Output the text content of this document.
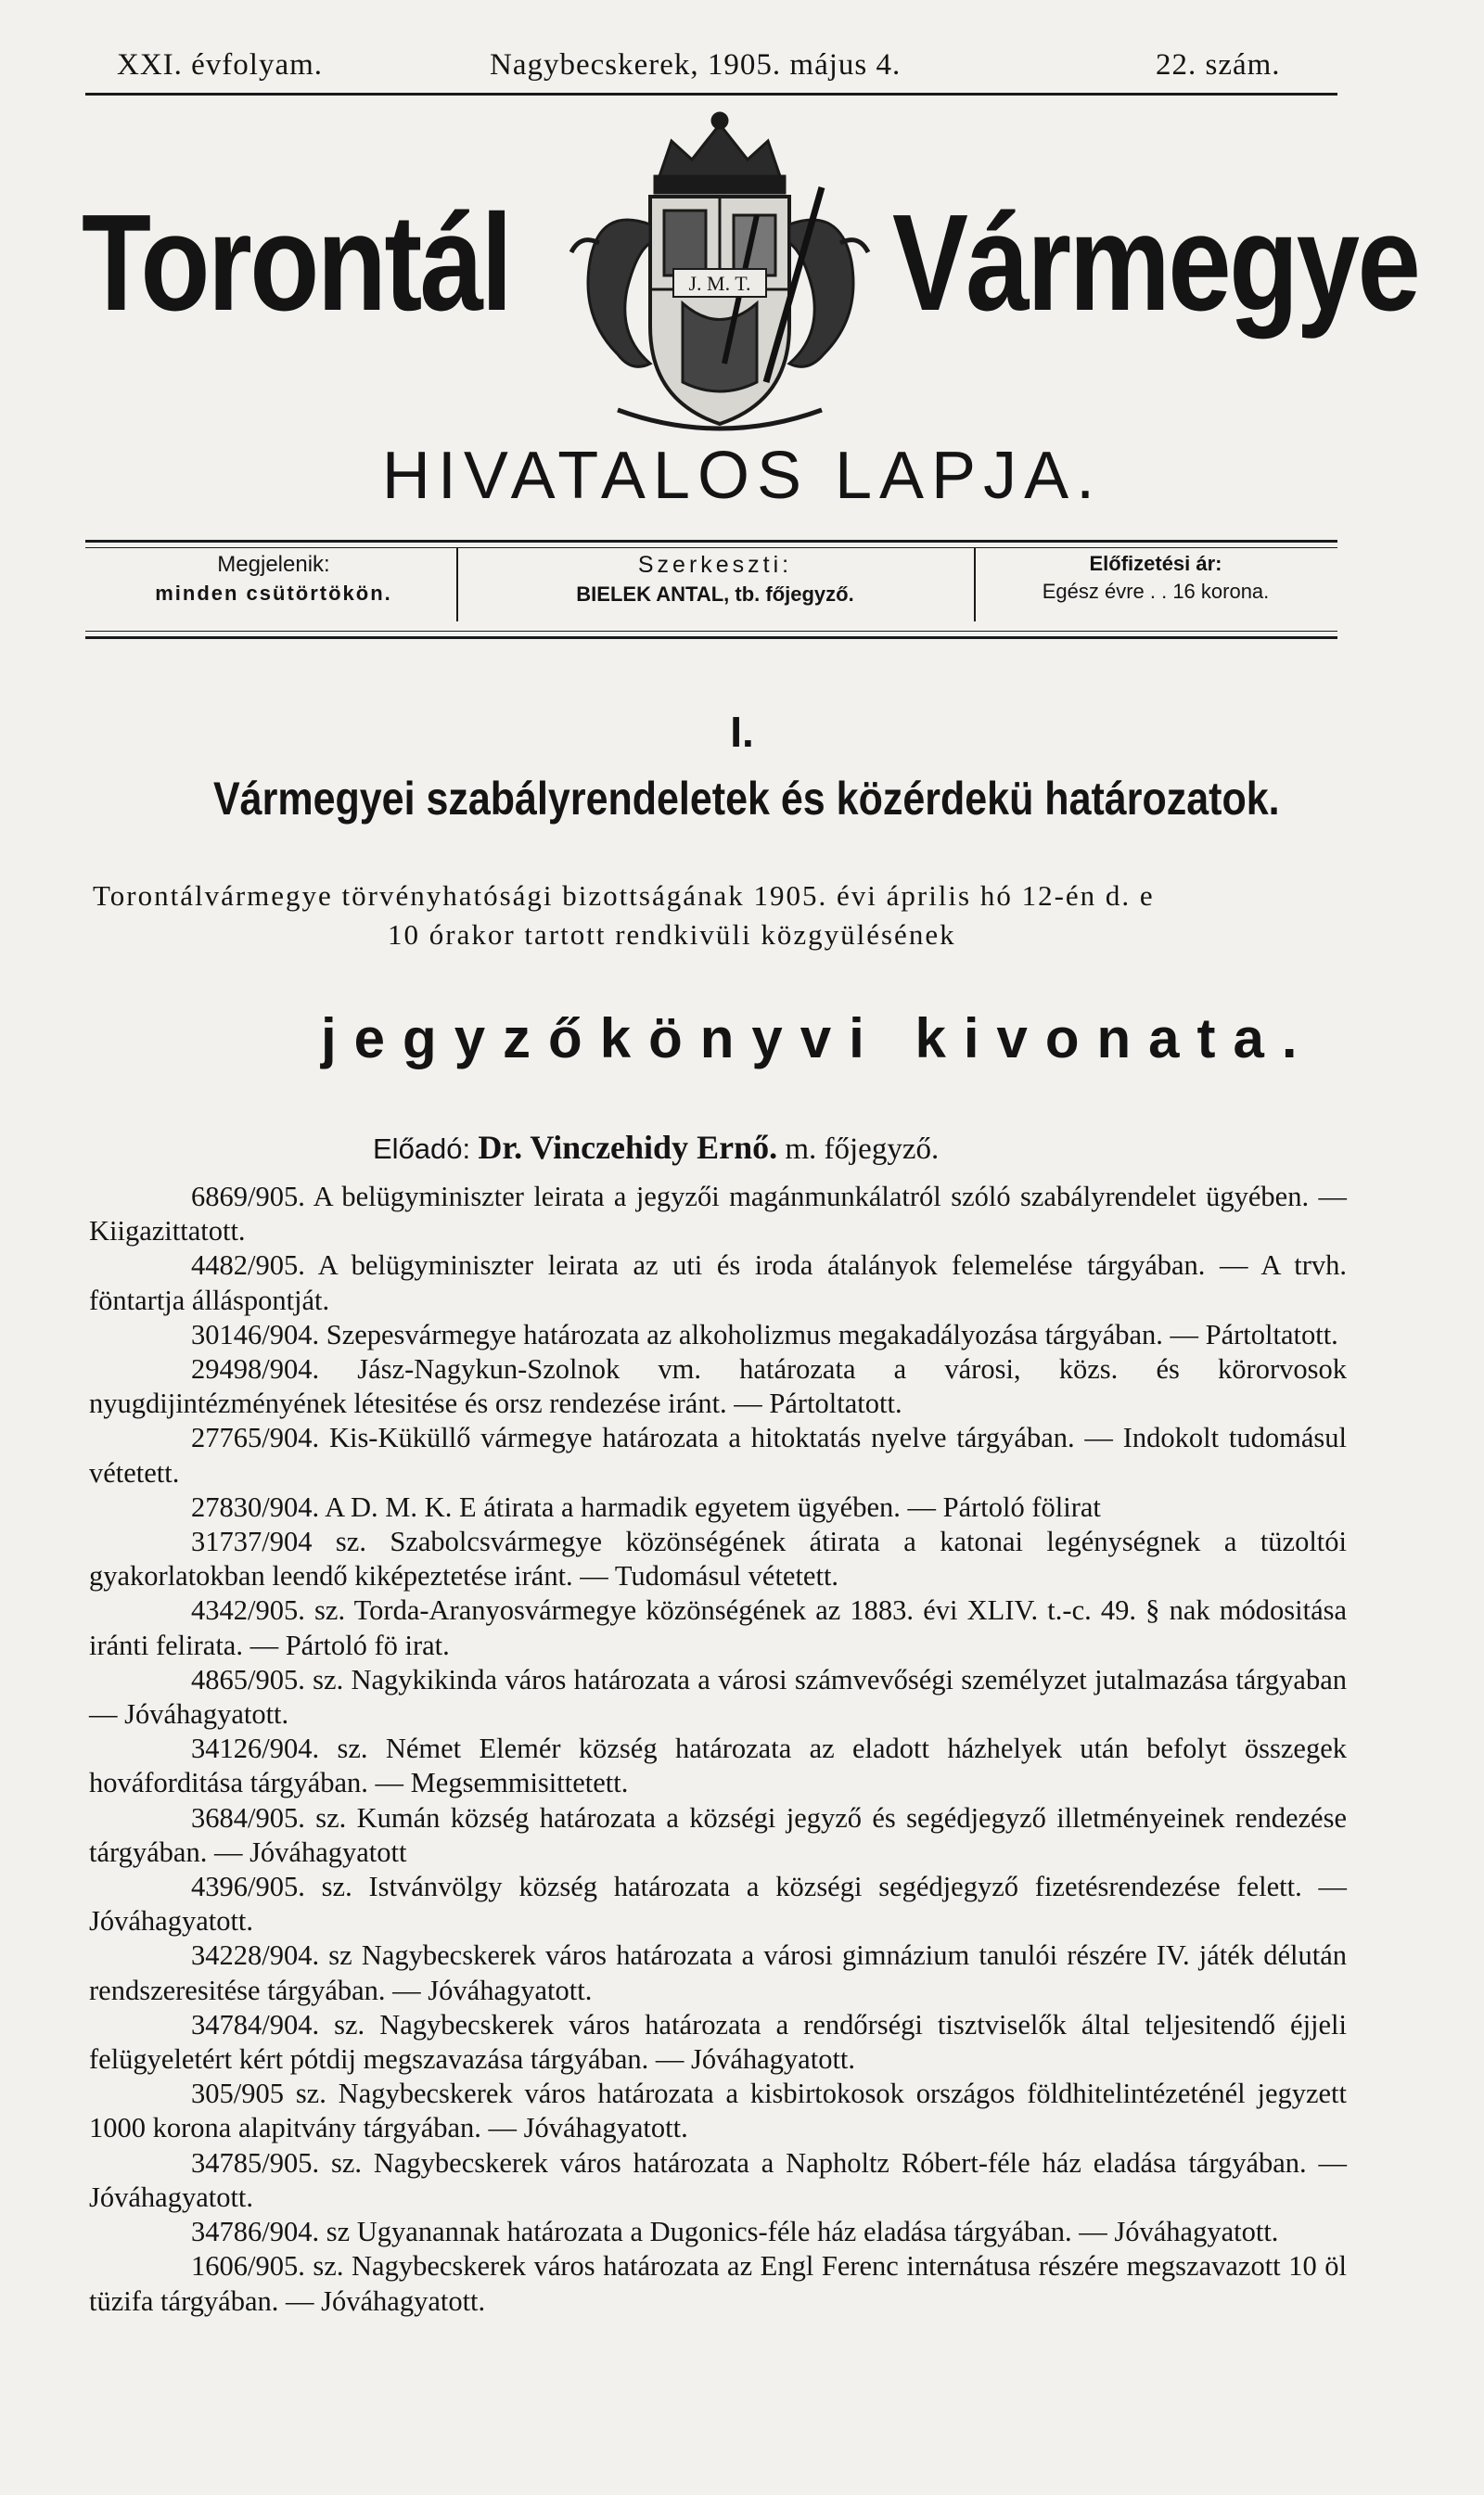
XXI. évfolyam.	Nagybecskerek, 1905. május 4.	22. szám.
Torontál	J. M. T. Vármegye
HIVATALOS LAPJA.
Megjelenik:
minden csütörtökön.
Szerkeszti:
BIELEK ANTAL, tb. főjegyző.
Előfizetési ár:
Egész évre . . 16 korona.
I.
Vármegyei szabályrendeletek és közérdekü határozatok.
Torontálvármegye törvényhatósági bizottságának 1905. évi április hó 12-én d. e
10 órakor tartott rendkivüli közgyülésének
jegyzőkönyvi kivonata.
Előadó: Dr. Vinczehidy Ernő. m. főjegyző.

6869/905. A belügyminiszter leirata a jegyzői magánmunkálatról szóló szabályrendelet ügyében. — Kiigazittatott.

4482/905. A belügyminiszter leirata az uti és iroda átalányok felemelése tárgyában. — A trvh. föntartja álláspontját.

30146/904. Szepesvármegye határozata az alkoholizmus megakadályozása tárgyában. — Pártoltatott.

29498/904. Jász-Nagykun-Szolnok vm. határozata a városi, közs. és körorvosok nyugdijintézményének létesitése és orsz rendezése iránt. — Pártoltatott.

27765/904. Kis-Küküllő vármegye határozata a hitoktatás nyelve tárgyában. — Indokolt tudomásul vétetett.

27830/904. A D. M. K. E átirata a harmadik egyetem ügyében. — Pártoló fölirat

31737/904 sz. Szabolcsvármegye közönségének átirata a katonai legénységnek a tüzoltói gyakorlatokban leendő kiképeztetése iránt. — Tudomásul vétetett.

4342/905. sz. Torda-Aranyosvármegye közönségének az 1883. évi XLIV. t.-c. 49. § nak módositása iránti felirata. — Pártoló fö irat.

4865/905. sz. Nagykikinda város határozata a városi számvevőségi személyzet jutalmazása tárgyaban — Jóváhagyatott.

34126/904. sz. Német Elemér község határozata az eladott házhelyek után befolyt összegek hováforditása tárgyában. — Megsemmisittetett.

3684/905. sz. Kumán község határozata a községi jegyző és segédjegyző illetményeinek rendezése tárgyában. — Jóváhagyatott

4396/905. sz. Istvánvölgy község határozata a községi segédjegyző fizetésrendezése felett. — Jóváhagyatott.

34228/904. sz Nagybecskerek város határozata a városi gimnázium tanulói részére IV. játék délután rendszeresitése tárgyában. — Jóváhagyatott.

34784/904. sz. Nagybecskerek város határozata a rendőrségi tisztviselők által teljesitendő éjjeli felügyeletért kért pótdij megszavazása tárgyában. — Jóváhagyatott.

305/905 sz. Nagybecskerek város határozata a kisbirtokosok országos földhitelintézeténél jegyzett 1000 korona alapitvány tárgyában. — Jóváhagyatott.

34785/905. sz. Nagybecskerek város határozata a Napholtz Róbert-féle ház eladása tárgyában. — Jóváhagyatott.

34786/904. sz Ugyanannak határozata a Dugonics-féle ház eladása tárgyában. — Jóváhagyatott.

1606/905. sz. Nagybecskerek város határozata az Engl Ferenc internátusa részére megszavazott 10 öl tüzifa tárgyában. — Jóváhagyatott.
